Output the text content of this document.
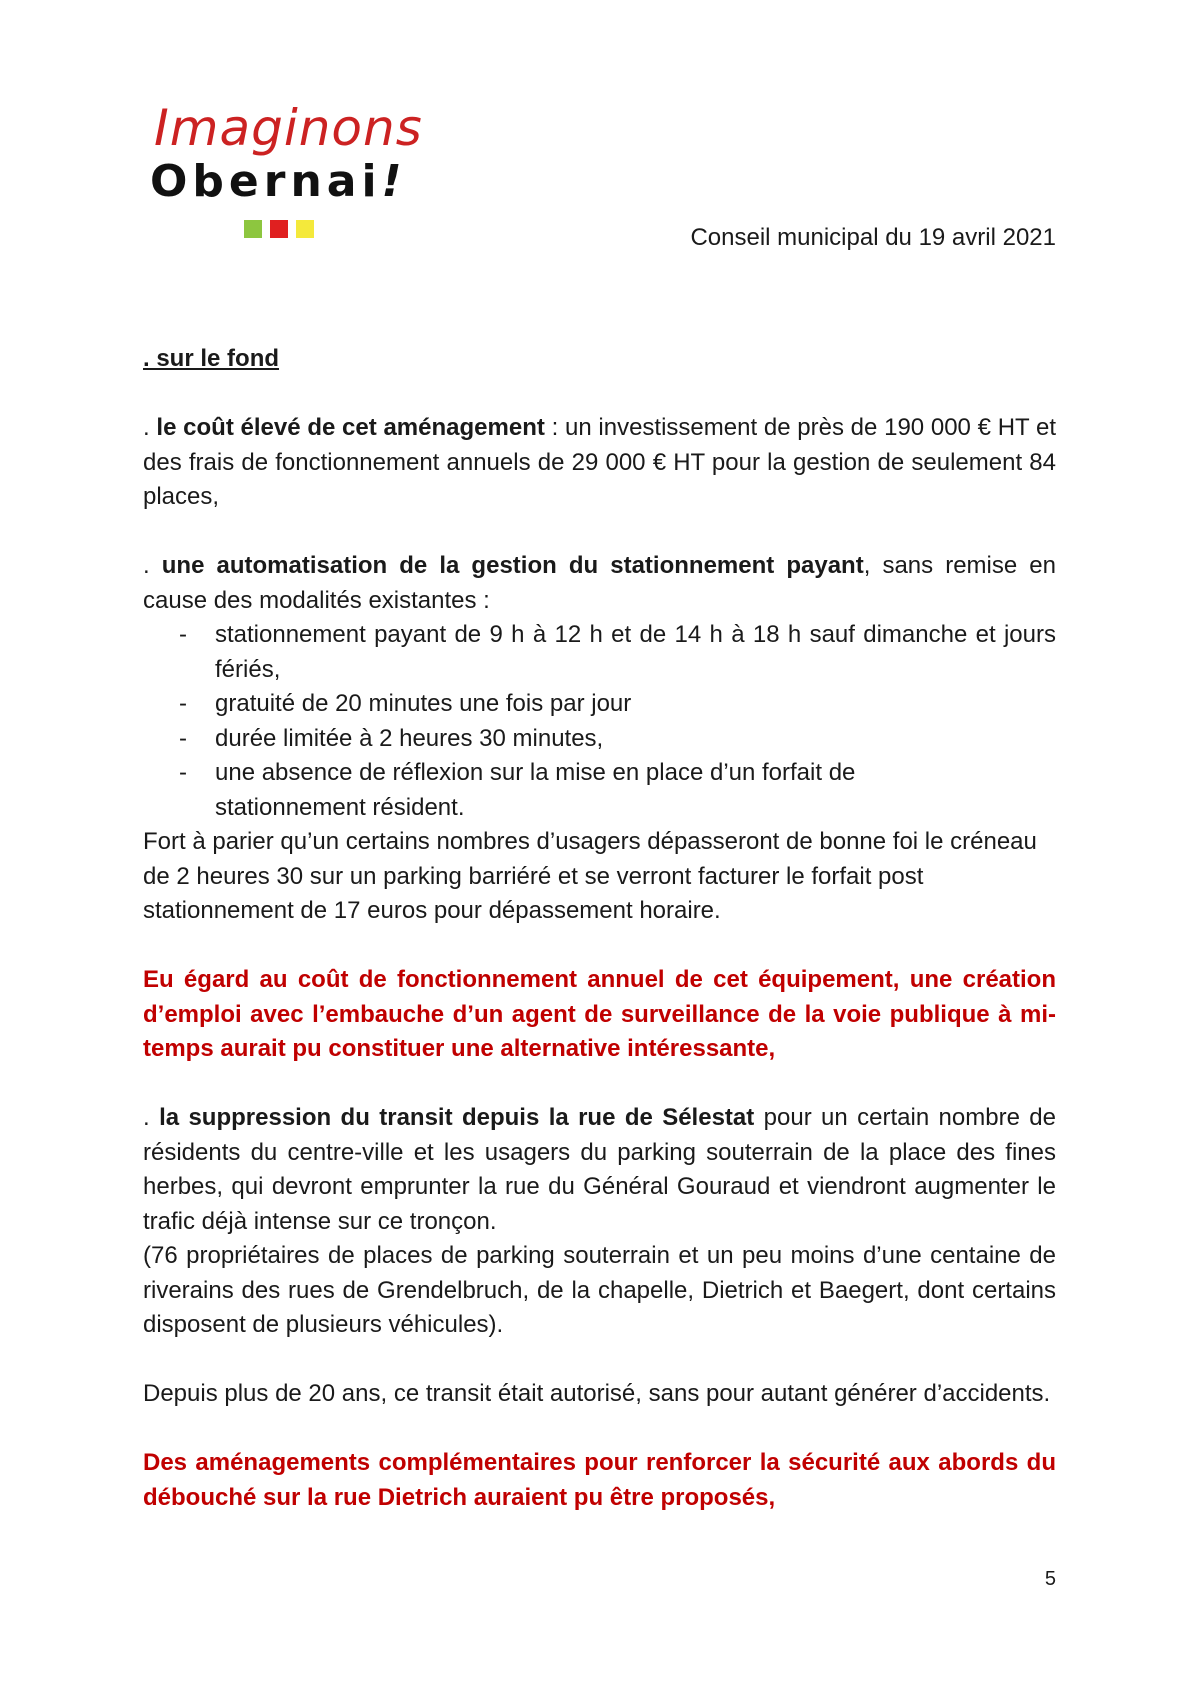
Imaginons
Obernai!
Conseil municipal du 19 avril 2021

. sur le fond

. le coût élevé de cet aménagement : un investissement de près de 190 000 € HT et des frais de fonctionnement annuels de 29 000 € HT pour la gestion de seulement 84 places,

. une automatisation de la gestion du stationnement payant, sans remise en cause des modalités existantes :

- stationnement payant de 9 h à 12 h et de 14 h à 18 h sauf dimanche et jours fériés,
- gratuité de 20 minutes une fois par jour
- durée limitée à 2 heures 30 minutes,
- une absence de réflexion sur la mise en place d’un forfait de stationnement résident.

Fort à parier qu’un certains nombres d’usagers dépasseront de bonne foi le créneau de 2 heures 30 sur un parking barriéré et se verront facturer le forfait post stationnement de 17 euros pour dépassement horaire.

Eu égard au coût de fonctionnement annuel de cet équipement, une création d’emploi avec l’embauche d’un agent de surveillance de la voie publique à mi-temps aurait pu constituer une alternative intéressante,

. la suppression du transit depuis la rue de Sélestat pour un certain nombre de résidents du centre-ville et les usagers du parking souterrain de la place des fines herbes, qui devront emprunter la rue du Général Gouraud et viendront augmenter le trafic déjà intense sur ce tronçon.

(76 propriétaires de places de parking souterrain et un peu moins d’une centaine de riverains des rues de Grendelbruch, de la chapelle, Dietrich et Baegert, dont certains disposent de plusieurs véhicules).

Depuis plus de 20 ans, ce transit était autorisé, sans pour autant générer d’accidents.

Des aménagements complémentaires pour renforcer la sécurité aux abords du débouché sur la rue Dietrich auraient pu être proposés,

5
